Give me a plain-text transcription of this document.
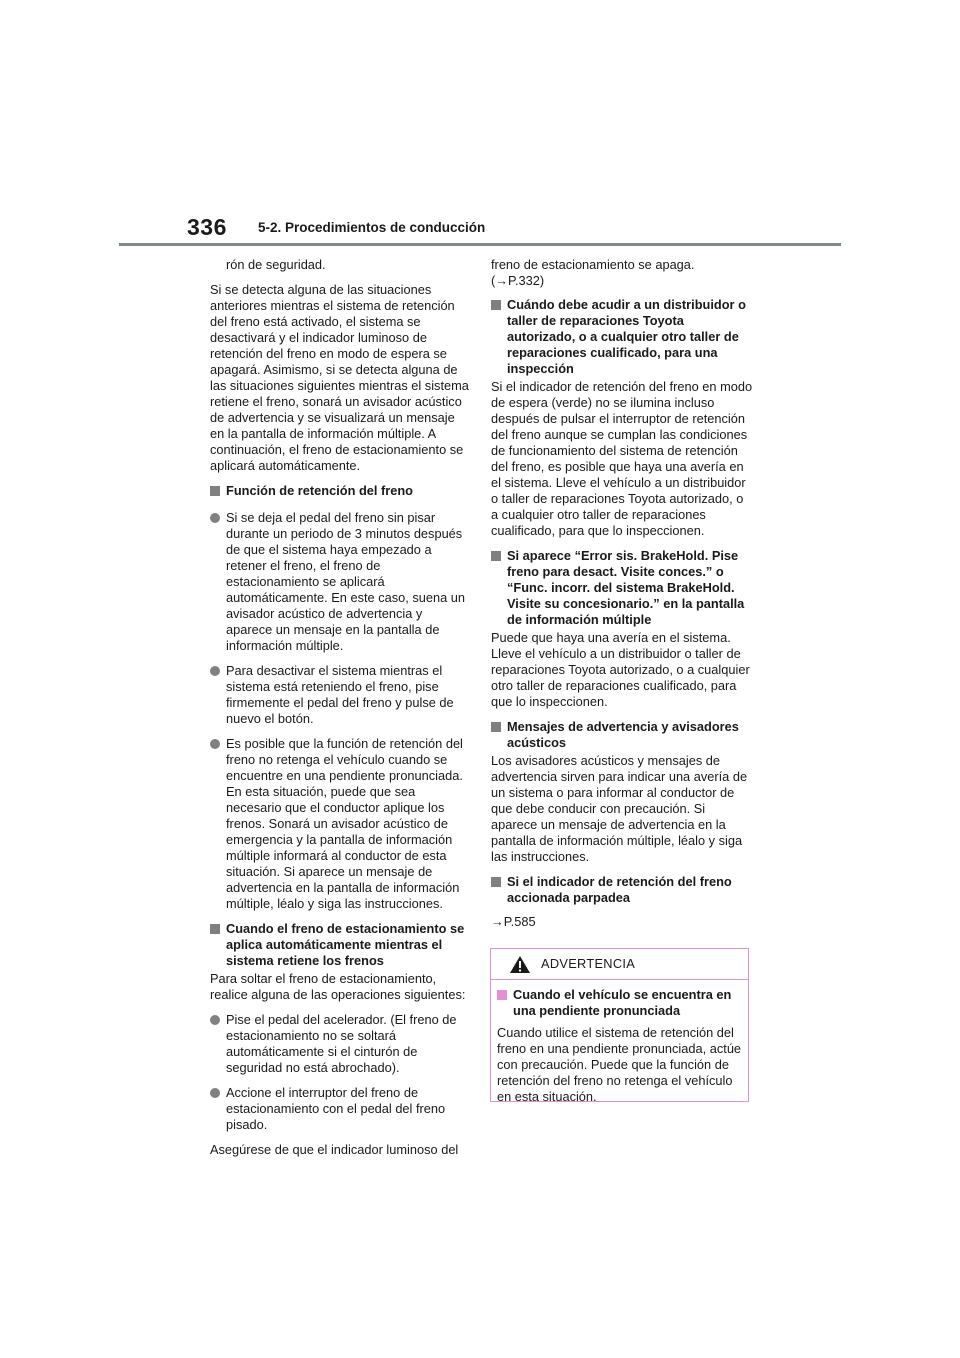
336 5-2. Procedimientos de conducción

rón de seguridad.

Si se detecta alguna de las situaciones anteriores mientras el sistema de retención del freno está activado, el sistema se desactivará y el indicador luminoso de retención del freno en modo de espera se apagará. Asimismo, si se detecta alguna de las situaciones siguientes mientras el sistema retiene el freno, sonará un avisador acústico de advertencia y se visualizará un mensaje en la pantalla de información múltiple. A continuación, el freno de estacionamiento se aplicará automáticamente.

Función de retención del freno
Si se deja el pedal del freno sin pisar durante un periodo de 3 minutos después de que el sistema haya empezado a retener el freno, el freno de estacionamiento se aplicará automáticamente. En este caso, suena un avisador acústico de advertencia y aparece un mensaje en la pantalla de información múltiple.
Para desactivar el sistema mientras el sistema está reteniendo el freno, pise firmemente el pedal del freno y pulse de nuevo el botón.
Es posible que la función de retención del freno no retenga el vehículo cuando se encuentre en una pendiente pronunciada. En esta situación, puede que sea necesario que el conductor aplique los frenos. Sonará un avisador acústico de emergencia y la pantalla de información múltiple informará al conductor de esta situación. Si aparece un mensaje de advertencia en la pantalla de información múltiple, léalo y siga las instrucciones.
Cuando el freno de estacionamiento se aplica automáticamente mientras el sistema retiene los frenos

Para soltar el freno de estacionamiento, realice alguna de las operaciones siguientes:

Pise el pedal del acelerador. (El freno de estacionamiento no se soltará automáticamente si el cinturón de seguridad no está abrochado).
Accione el interruptor del freno de estacionamiento con el pedal del freno pisado.

Asegúrese de que el indicador luminoso del

freno de estacionamiento se apaga.
(→P.332)

Cuándo debe acudir a un distribuidor o taller de reparaciones Toyota autorizado, o a cualquier otro taller de reparaciones cualificado, para una inspección

Si el indicador de retención del freno en modo de espera (verde) no se ilumina incluso después de pulsar el interruptor de retención del freno aunque se cumplan las condiciones de funcionamiento del sistema de retención del freno, es posible que haya una avería en el sistema. Lleve el vehículo a un distribuidor o taller de reparaciones Toyota autorizado, o a cualquier otro taller de reparaciones cualificado, para que lo inspeccionen.

Si aparece “Error sis. BrakeHold. Pise freno para desact. Visite conces.” o “Func. incorr. del sistema BrakeHold. Visite su concesionario.” en la pantalla de información múltiple

Puede que haya una avería en el sistema. Lleve el vehículo a un distribuidor o taller de reparaciones Toyota autorizado, o a cualquier otro taller de reparaciones cualificado, para que lo inspeccionen.

Mensajes de advertencia y avisadores acústicos

Los avisadores acústicos y mensajes de advertencia sirven para indicar una avería de un sistema o para informar al conductor de que debe conducir con precaución. Si aparece un mensaje de advertencia en la pantalla de información múltiple, léalo y siga las instrucciones.

Si el indicador de retención del freno accionada parpadea

→P.585

ADVERTENCIA
Cuando el vehículo se encuentra en una pendiente pronunciada

Cuando utilice el sistema de retención del freno en una pendiente pronunciada, actúe con precaución. Puede que la función de retención del freno no retenga el vehículo en esta situación.
